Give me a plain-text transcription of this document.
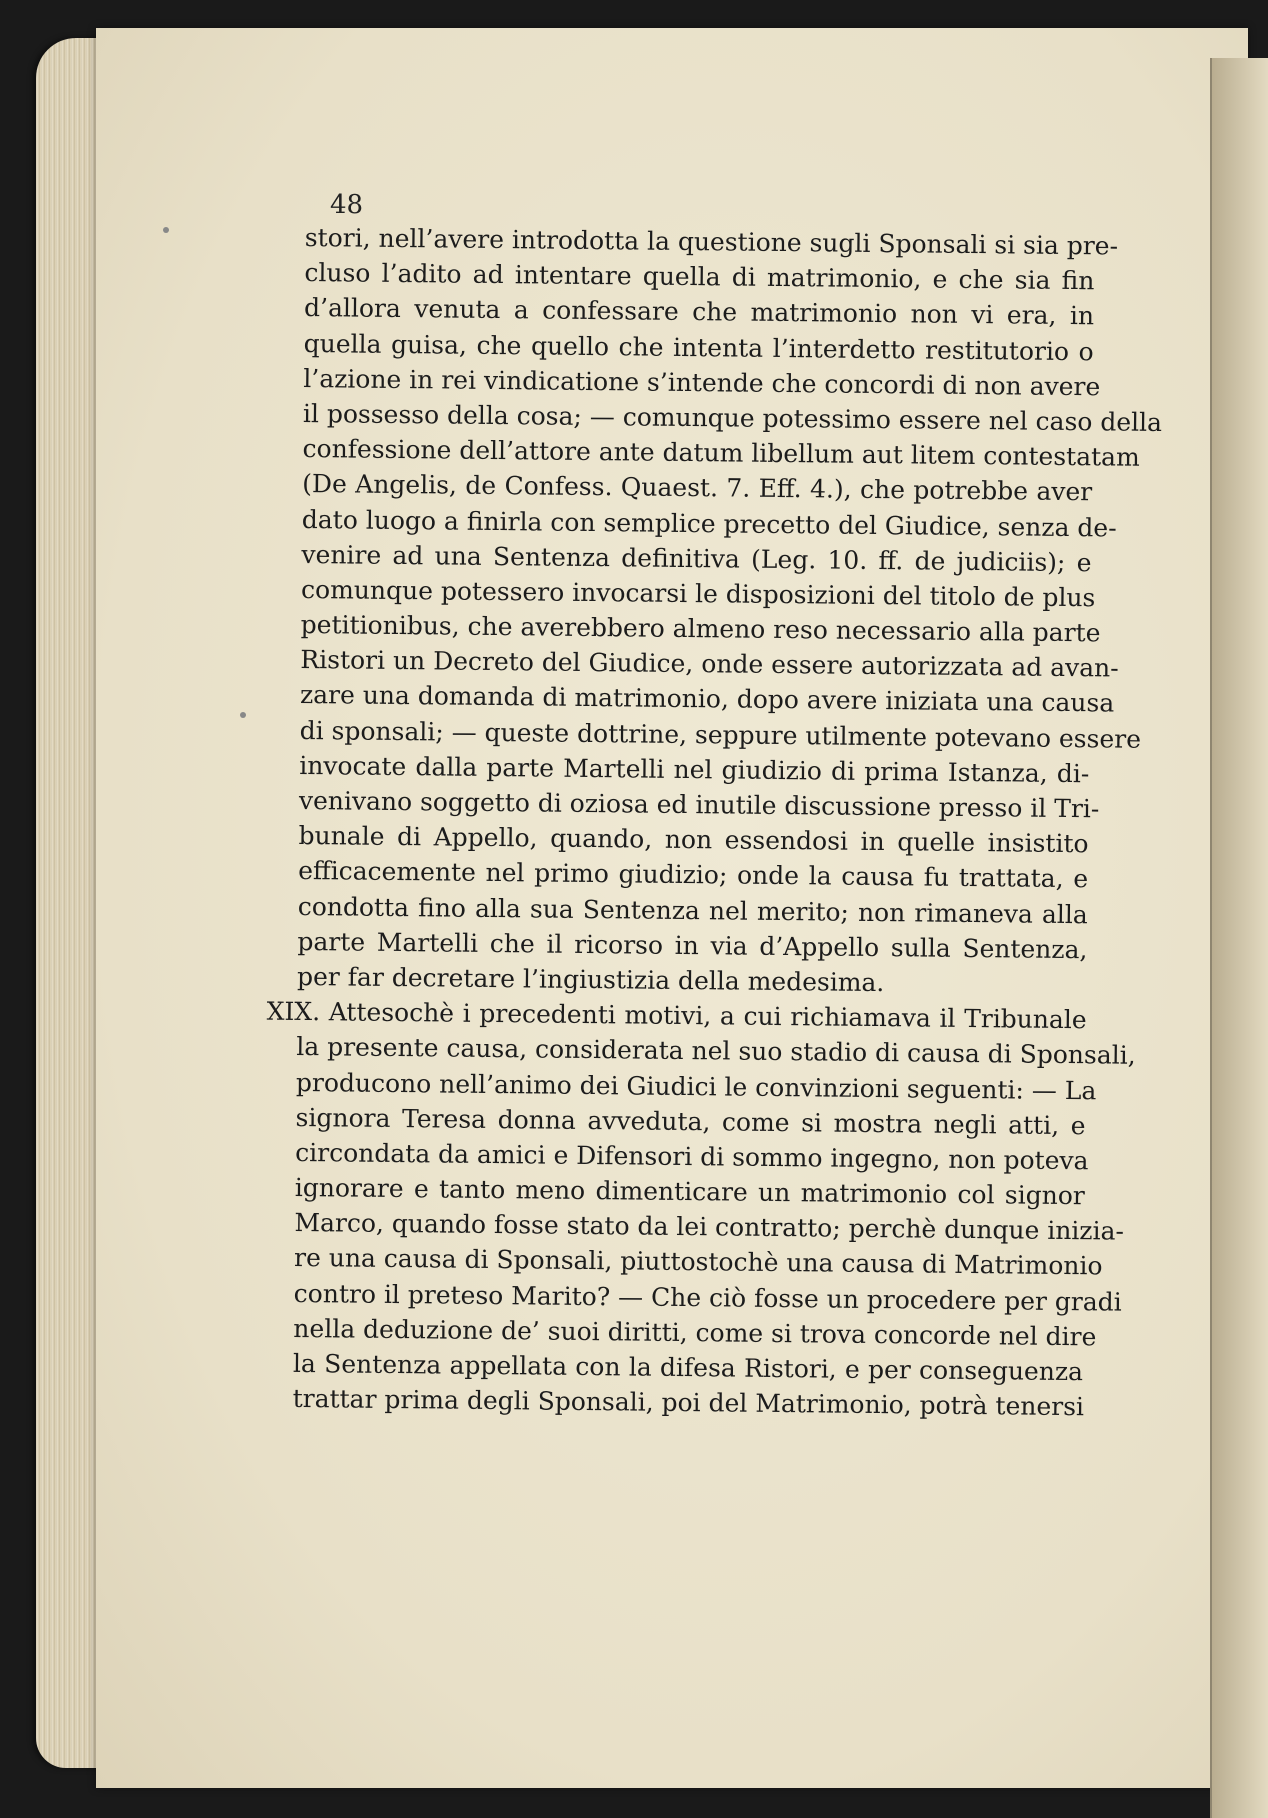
48
stori, nell’avere introdotta la questione sugli Sponsali si sia pre-
cluso l’adito ad intentare quella di matrimonio, e che sia fin
d’allora venuta a confessare che matrimonio non vi era, in
quella guisa, che quello che intenta l’interdetto restitutorio o
l’azione in rei vindicatione s’intende che concordi di non avere
il possesso della cosa; — comunque potessimo essere nel caso della
confessione dell’attore ante datum libellum aut litem contestatam
(De Angelis, de Confess. Quaest. 7. Eff. 4.), che potrebbe aver
dato luogo a finirla con semplice precetto del Giudice, senza de-
venire ad una Sentenza definitiva (Leg. 10. ff. de judiciis); e
comunque potessero invocarsi le disposizioni del titolo de plus
petitionibus, che averebbero almeno reso necessario alla parte
Ristori un Decreto del Giudice, onde essere autorizzata ad avan-
zare una domanda di matrimonio, dopo avere iniziata una causa
di sponsali; — queste dottrine, seppure utilmente potevano essere
invocate dalla parte Martelli nel giudizio di prima Istanza, di-
venivano soggetto di oziosa ed inutile discussione presso il Tri-
bunale di Appello, quando, non essendosi in quelle insistito
efficacemente nel primo giudizio; onde la causa fu trattata, e
condotta fino alla sua Sentenza nel merito; non rimaneva alla
parte Martelli che il ricorso in via d’Appello sulla Sentenza,
per far decretare l’ingiustizia della medesima.
XIX. Attesochè i precedenti motivi, a cui richiamava il Tribunale
la presente causa, considerata nel suo stadio di causa di Sponsali,
producono nell’animo dei Giudici le convinzioni seguenti: — La
signora Teresa donna avveduta, come si mostra negli atti, e
circondata da amici e Difensori di sommo ingegno, non poteva
ignorare e tanto meno dimenticare un matrimonio col signor
Marco, quando fosse stato da lei contratto; perchè dunque inizia-
re una causa di Sponsali, piuttostochè una causa di Matrimonio
contro il preteso Marito? — Che ciò fosse un procedere per gradi
nella deduzione de’ suoi diritti, come si trova concorde nel dire
la Sentenza appellata con la difesa Ristori, e per conseguenza
trattar prima degli Sponsali, poi del Matrimonio, potrà tenersi
